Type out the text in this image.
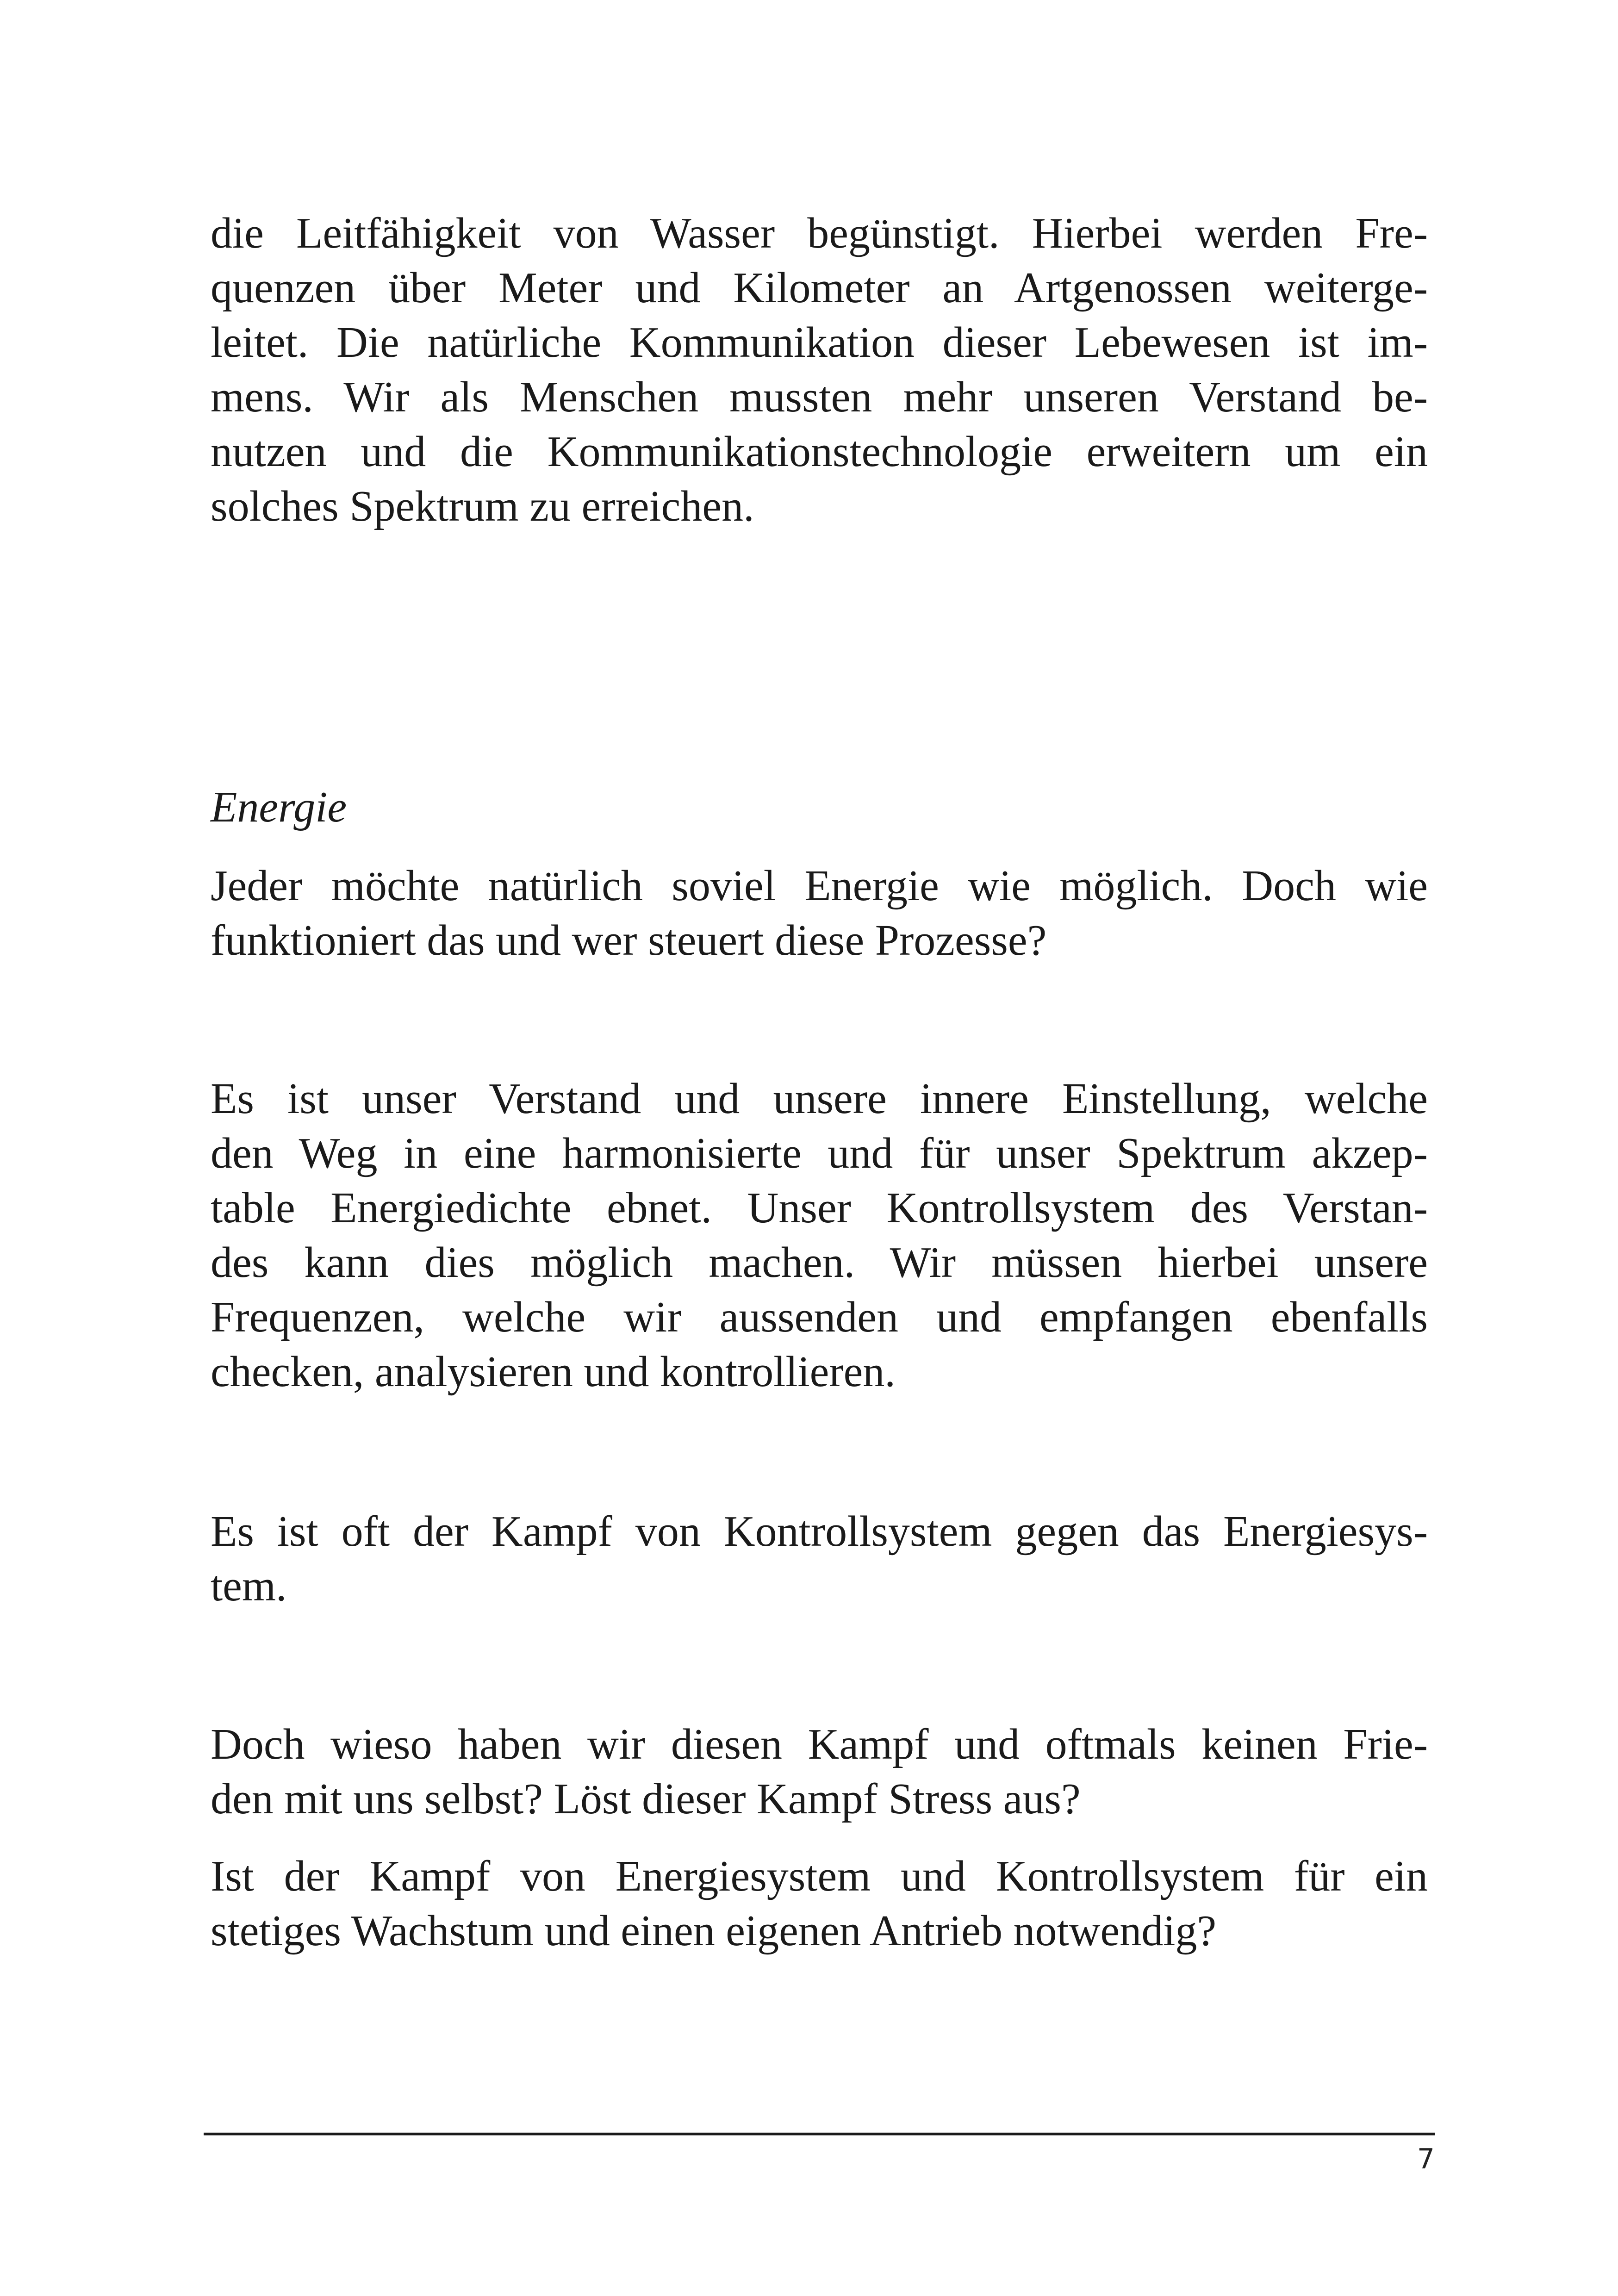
die Leitfähigkeit von Wasser begünstigt. Hierbei werden Fre-
quenzen über Meter und Kilometer an Artgenossen weiterge-
leitet. Die natürliche Kommunikation dieser Lebewesen ist im-
mens. Wir als Menschen mussten mehr unseren Verstand be-
nutzen und die Kommunikationstechnologie erweitern um ein
solches Spektrum zu erreichen.
Energie
Jeder möchte natürlich soviel Energie wie möglich. Doch wie
funktioniert das und wer steuert diese Prozesse?
Es ist unser Verstand und unsere innere Einstellung, welche
den Weg in eine harmonisierte und für unser Spektrum akzep-
table Energiedichte ebnet. Unser Kontrollsystem des Verstan-
des kann dies möglich machen. Wir müssen hierbei unsere
Frequenzen, welche wir aussenden und empfangen ebenfalls
checken, analysieren und kontrollieren.
Es ist oft der Kampf von Kontrollsystem gegen das Energiesys-
tem.
Doch wieso haben wir diesen Kampf und oftmals keinen Frie-
den mit uns selbst? Löst dieser Kampf Stress aus?
Ist der Kampf von Energiesystem und Kontrollsystem für ein
stetiges Wachstum und einen eigenen Antrieb notwendig?
7
